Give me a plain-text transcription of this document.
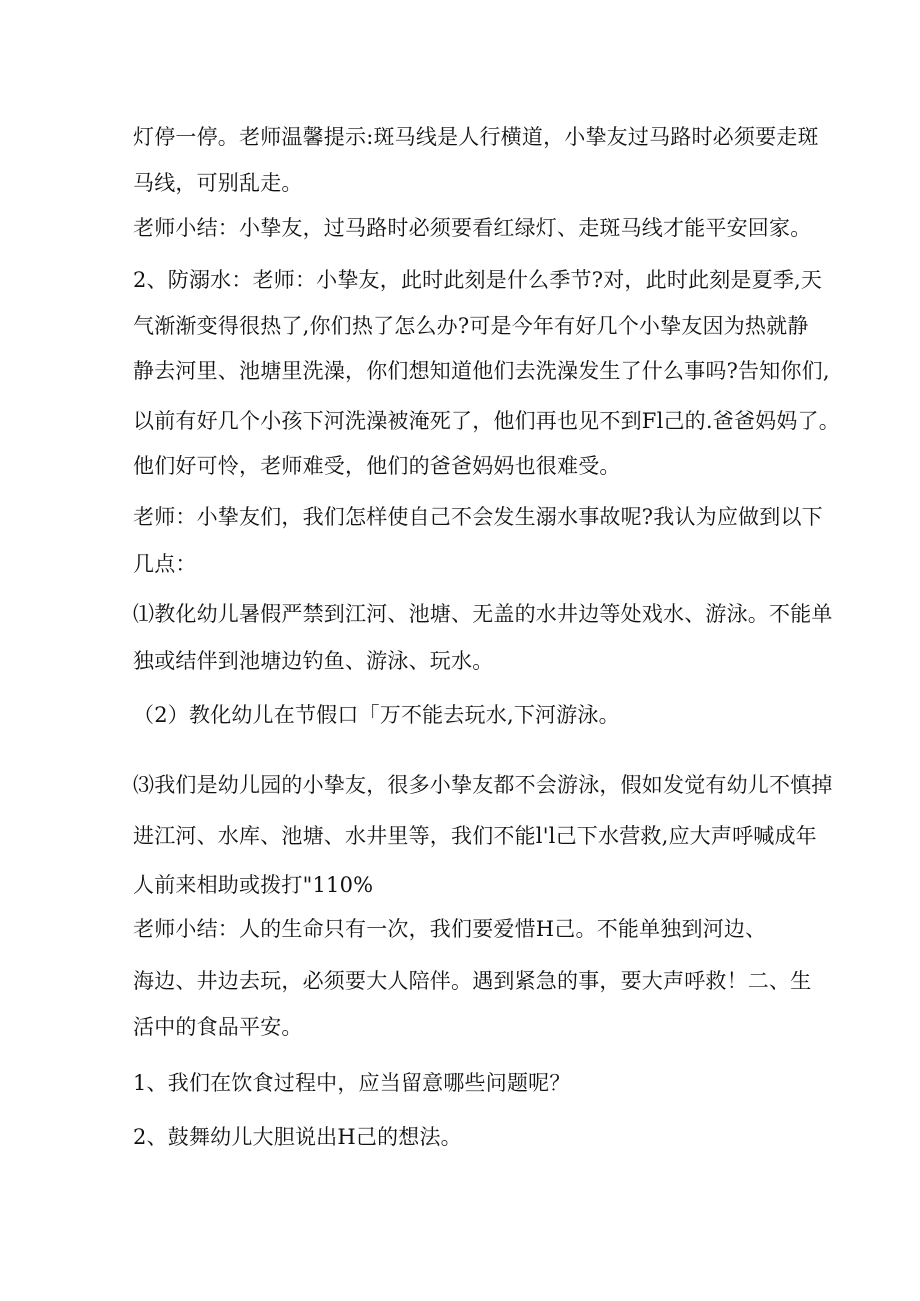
灯停一停。老师温馨提示:斑马线是人行横道，小挚友过马路时必须要走斑
马线，可别乱走。
老师小结：小挚友，过马路时必须要看红绿灯、走斑马线才能平安回家。
2、防溺水：老师：小挚友，此时此刻是什么季节?对，此时此刻是夏季,天
气渐渐变得很热了,你们热了怎么办?可是今年有好几个小挚友因为热就静
静去河里、池塘里洗澡，你们想知道他们去洗澡发生了什么事吗?告知你们,
以前有好几个小孩下河洗澡被淹死了，他们再也见不到Fl己的.爸爸妈妈了。
他们好可怜，老师难受，他们的爸爸妈妈也很难受。
老师：小挚友们，我们怎样使自己不会发生溺水事故呢?我认为应做到以下
几点：
⑴教化幼儿暑假严禁到江河、池塘、无盖的水井边等处戏水、游泳。不能单
独或结伴到池塘边钓鱼、游泳、玩水。
（2）教化幼儿在节假口「万不能去玩水,下河游泳。
⑶我们是幼儿园的小挚友，很多小挚友都不会游泳，假如发觉有幼儿不慎掉
进江河、水库、池塘、水井里等，我们不能l'l己下水营救,应大声呼喊成年
人前来相助或拨打"110%
老师小结：人的生命只有一次，我们要爱惜H己。不能单独到河边、
海边、井边去玩，必须要大人陪伴。遇到紧急的事，要大声呼救！二、生
活中的食品平安。
1、我们在饮食过程中，应当留意哪些问题呢？
2、鼓舞幼儿大胆说出H己的想法。
